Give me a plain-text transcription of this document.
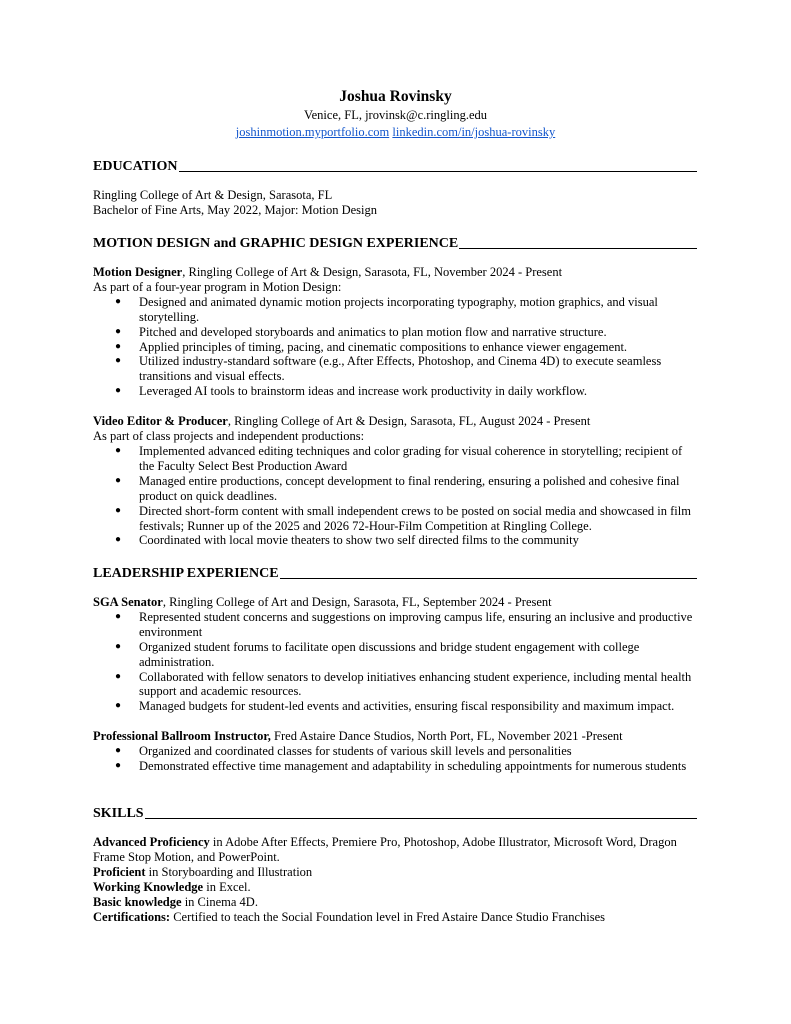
Joshua Rovinsky
Venice, FL, jrovinsk@c.ringling.edu
joshinmotion.myportfolio.com linkedin.com/in/joshua-rovinsky
EDUCATION
Ringling College of Art & Design, Sarasota, FL
Bachelor of Fine Arts, May 2022, Major: Motion Design
MOTION DESIGN and GRAPHIC DESIGN EXPERIENCE
Motion Designer, Ringling College of Art & Design, Sarasota, FL, November 2024 - Present
As part of a four-year program in Motion Design:
● Designed and animated dynamic motion projects incorporating typography, motion graphics, and visual storytelling.
● Pitched and developed storyboards and animatics to plan motion flow and narrative structure.
● Applied principles of timing, pacing, and cinematic compositions to enhance viewer engagement.
● Utilized industry-standard software (e.g., After Effects, Photoshop, and Cinema 4D) to execute seamless transitions and visual effects.
● Leveraged AI tools to brainstorm ideas and increase work productivity in daily workflow.
Video Editor & Producer, Ringling College of Art & Design, Sarasota, FL, August 2024 - Present
As part of class projects and independent productions:
● Implemented advanced editing techniques and color grading for visual coherence in storytelling; recipient of the Faculty Select Best Production Award
● Managed entire productions, concept development to final rendering, ensuring a polished and cohesive final product on quick deadlines.
● Directed short-form content with small independent crews to be posted on social media and showcased in film festivals; Runner up of the 2025 and 2026 72-Hour-Film Competition at Ringling College.
● Coordinated with local movie theaters to show two self directed films to the community
LEADERSHIP EXPERIENCE
SGA Senator, Ringling College of Art and Design, Sarasota, FL, September 2024 - Present
● Represented student concerns and suggestions on improving campus life, ensuring an inclusive and productive environment
● Organized student forums to facilitate open discussions and bridge student engagement with college administration.
● Collaborated with fellow senators to develop initiatives enhancing student experience, including mental health support and academic resources.
● Managed budgets for student-led events and activities, ensuring fiscal responsibility and maximum impact.
Professional Ballroom Instructor, Fred Astaire Dance Studios, North Port, FL, November 2021 -Present
● Organized and coordinated classes for students of various skill levels and personalities
● Demonstrated effective time management and adaptability in scheduling appointments for numerous students
SKILLS
Advanced Proficiency in Adobe After Effects, Premiere Pro, Photoshop, Adobe Illustrator, Microsoft Word, Dragon Frame Stop Motion, and PowerPoint.
Proficient in Storyboarding and Illustration
Working Knowledge in Excel.
Basic knowledge in Cinema 4D.
Certifications: Certified to teach the Social Foundation level in Fred Astaire Dance Studio Franchises
